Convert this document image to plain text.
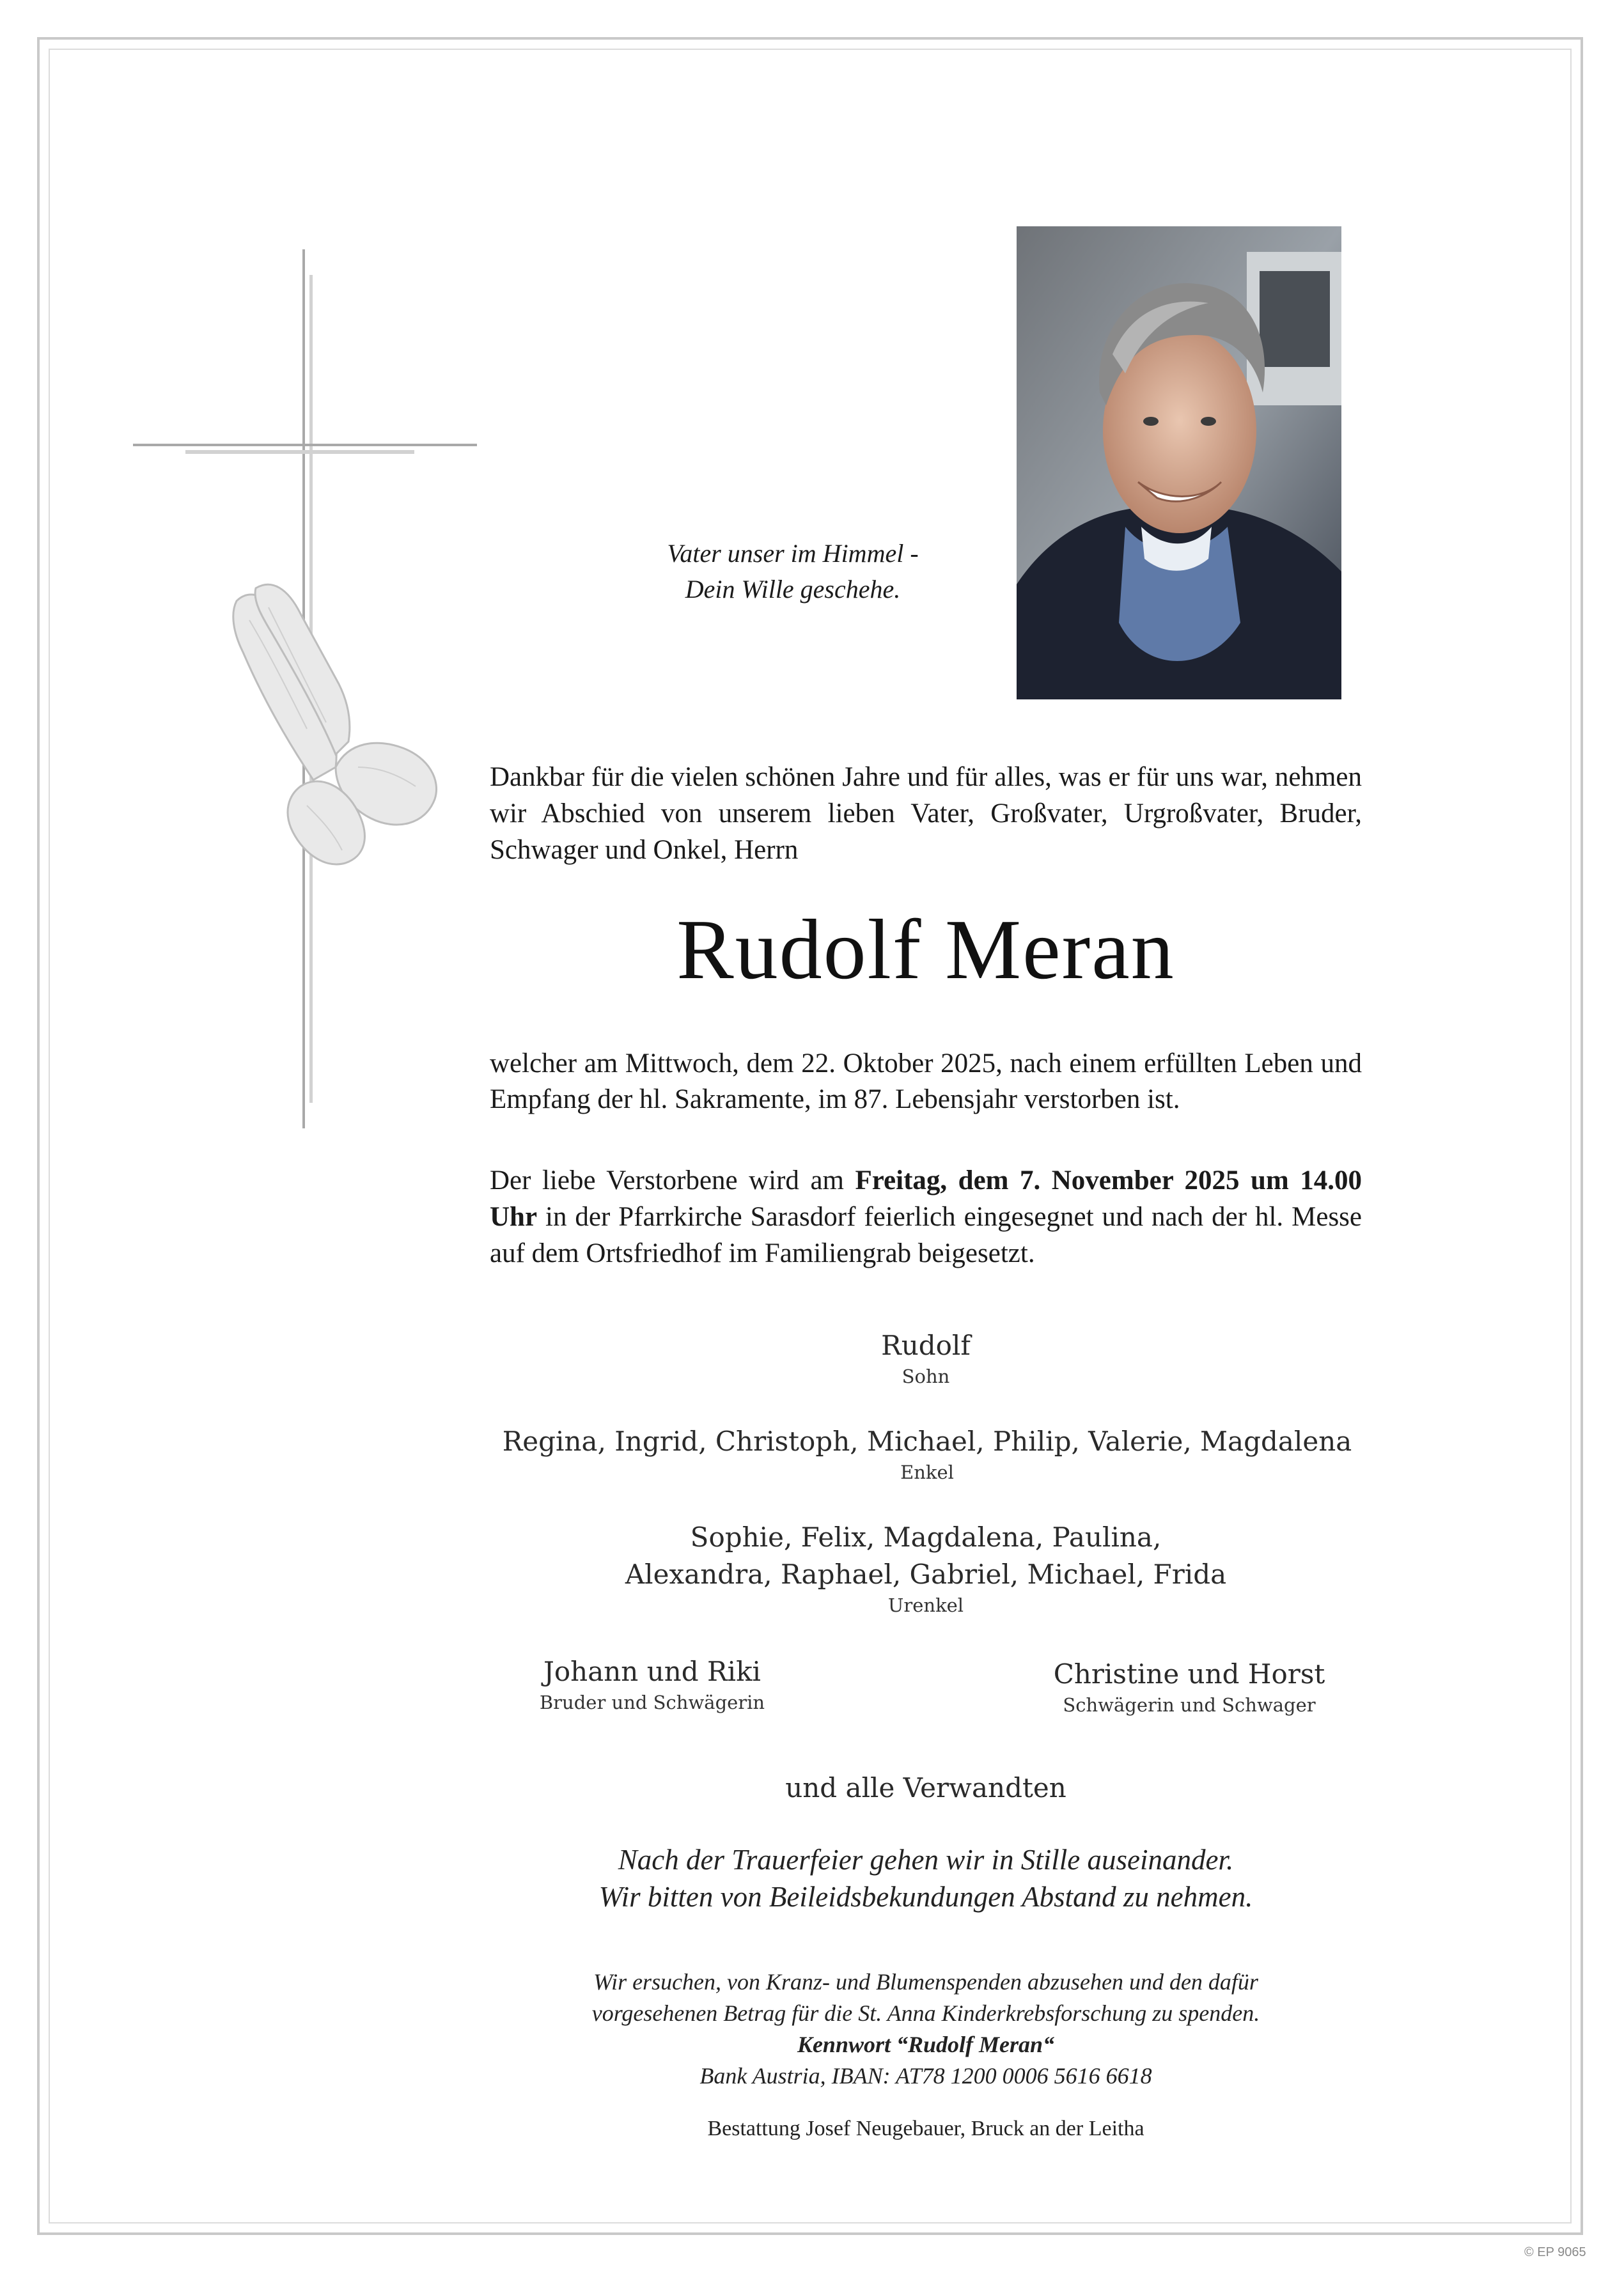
Vater unser im Himmel -
Dein Wille geschehe.
Dankbar für die vielen schönen Jahre und für alles, was er für uns war, nehmen wir Abschied von unserem lieben Vater, Großvater, Urgroßvater, Bruder, Schwager und Onkel, Herrn
Rudolf Meran
welcher am Mittwoch, dem 22. Oktober 2025, nach einem erfüllten Leben und Empfang der hl. Sakramente, im 87. Lebensjahr verstorben ist.
Der liebe Verstorbene wird am Freitag, dem 7. November 2025 um 14.00 Uhr in der Pfarrkirche Sarasdorf feierlich eingesegnet und nach der hl. Messe auf dem Ortsfriedhof im Familiengrab beigesetzt.
Rudolf
Sohn
Regina, Ingrid, Christoph, Michael, Philip, Valerie, Magdalena
Enkel
Sophie, Felix, Magdalena, Paulina,
Alexandra, Raphael, Gabriel, Michael, Frida
Urenkel
Johann und Riki
Bruder und Schwägerin
Christine und Horst
Schwägerin und Schwager
und alle Verwandten
Nach der Trauerfeier gehen wir in Stille auseinander.
Wir bitten von Beileidsbekundungen Abstand zu nehmen.
Wir ersuchen, von Kranz- und Blumenspenden abzusehen und den dafür
vorgesehenen Betrag für die St. Anna Kinderkrebsforschung zu spenden.
Kennwort “Rudolf Meran“
Bank Austria, IBAN: AT78 1200 0006 5616 6618
Bestattung Josef Neugebauer, Bruck an der Leitha
© EP 9065
